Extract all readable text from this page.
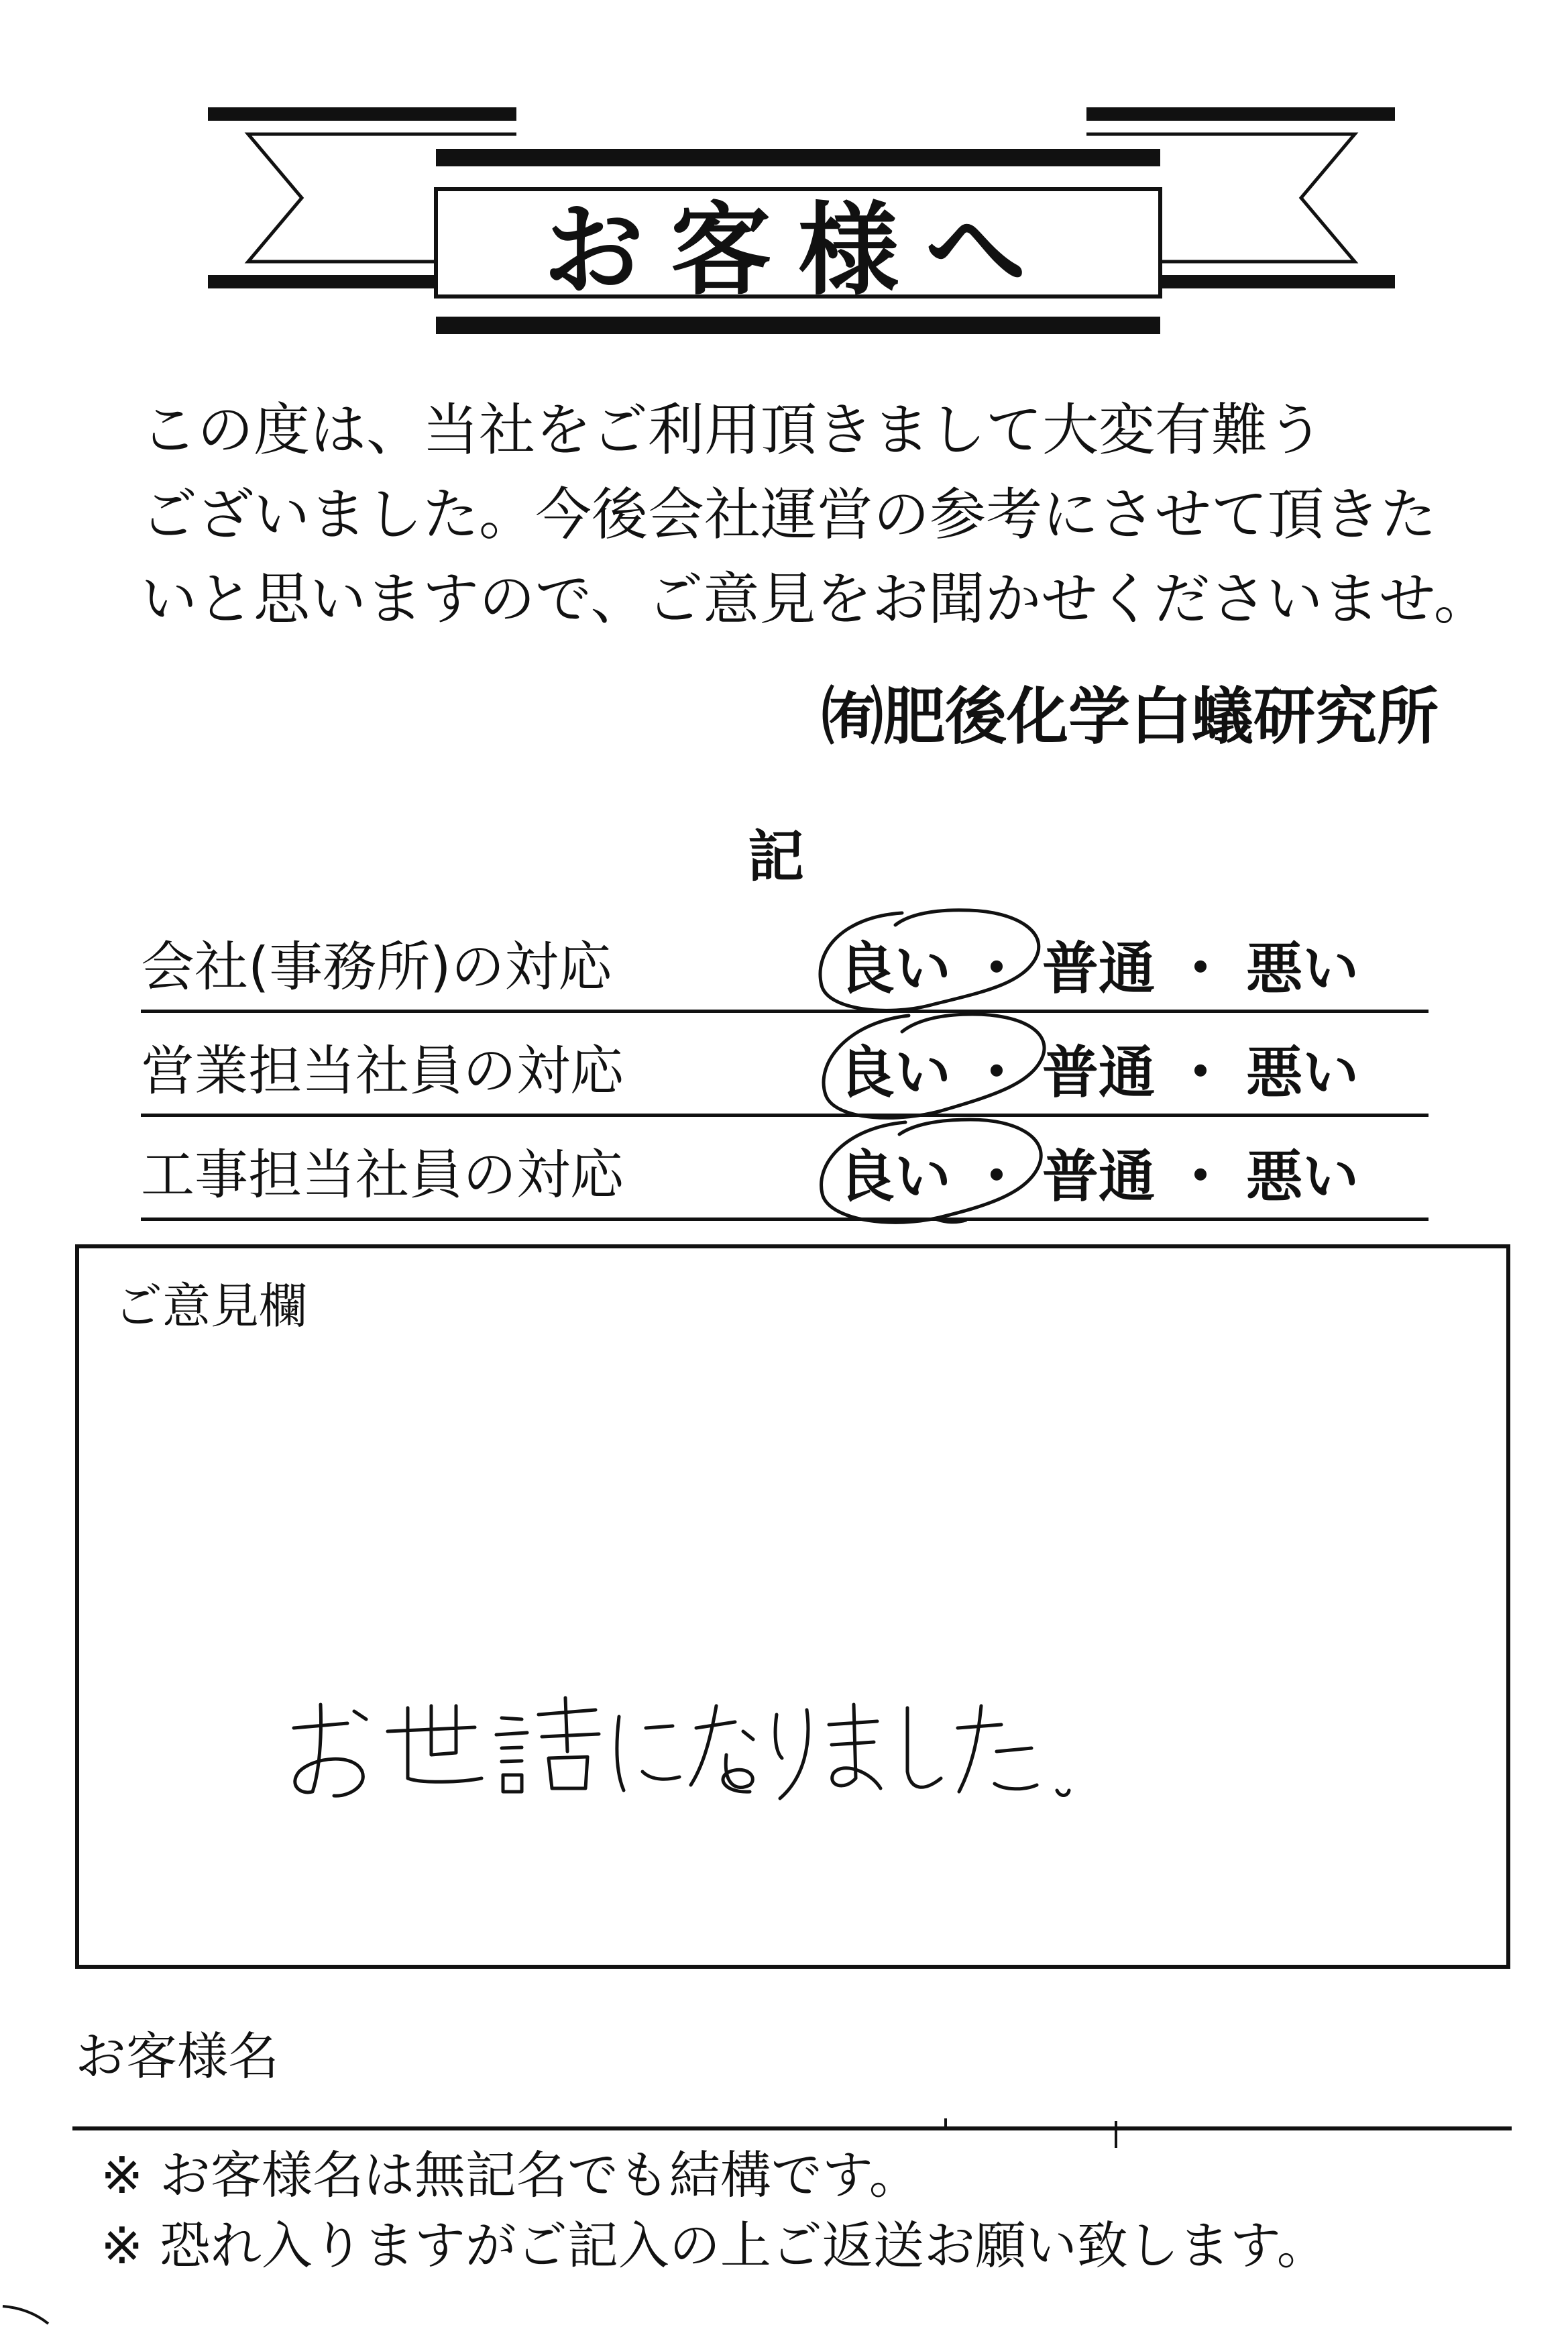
お客様へ
この度は、当社をご利用頂きまして大変有難う
ございました。今後会社運営の参考にさせて頂きた
いと思いますので、ご意見をお聞かせくださいませ。
㈲肥後化学白蟻研究所
記
会社(事務所)の対応	良い ・ 普通 ・ 悪い
営業担当社員の対応	良い ・ 普通 ・ 悪い
工事担当社員の対応	良い ・ 普通 ・ 悪い
ご意見欄
お客様名
※ お客様名は無記名でも結構です。
※ 恐れ入りますがご記入の上ご返送お願い致します。
